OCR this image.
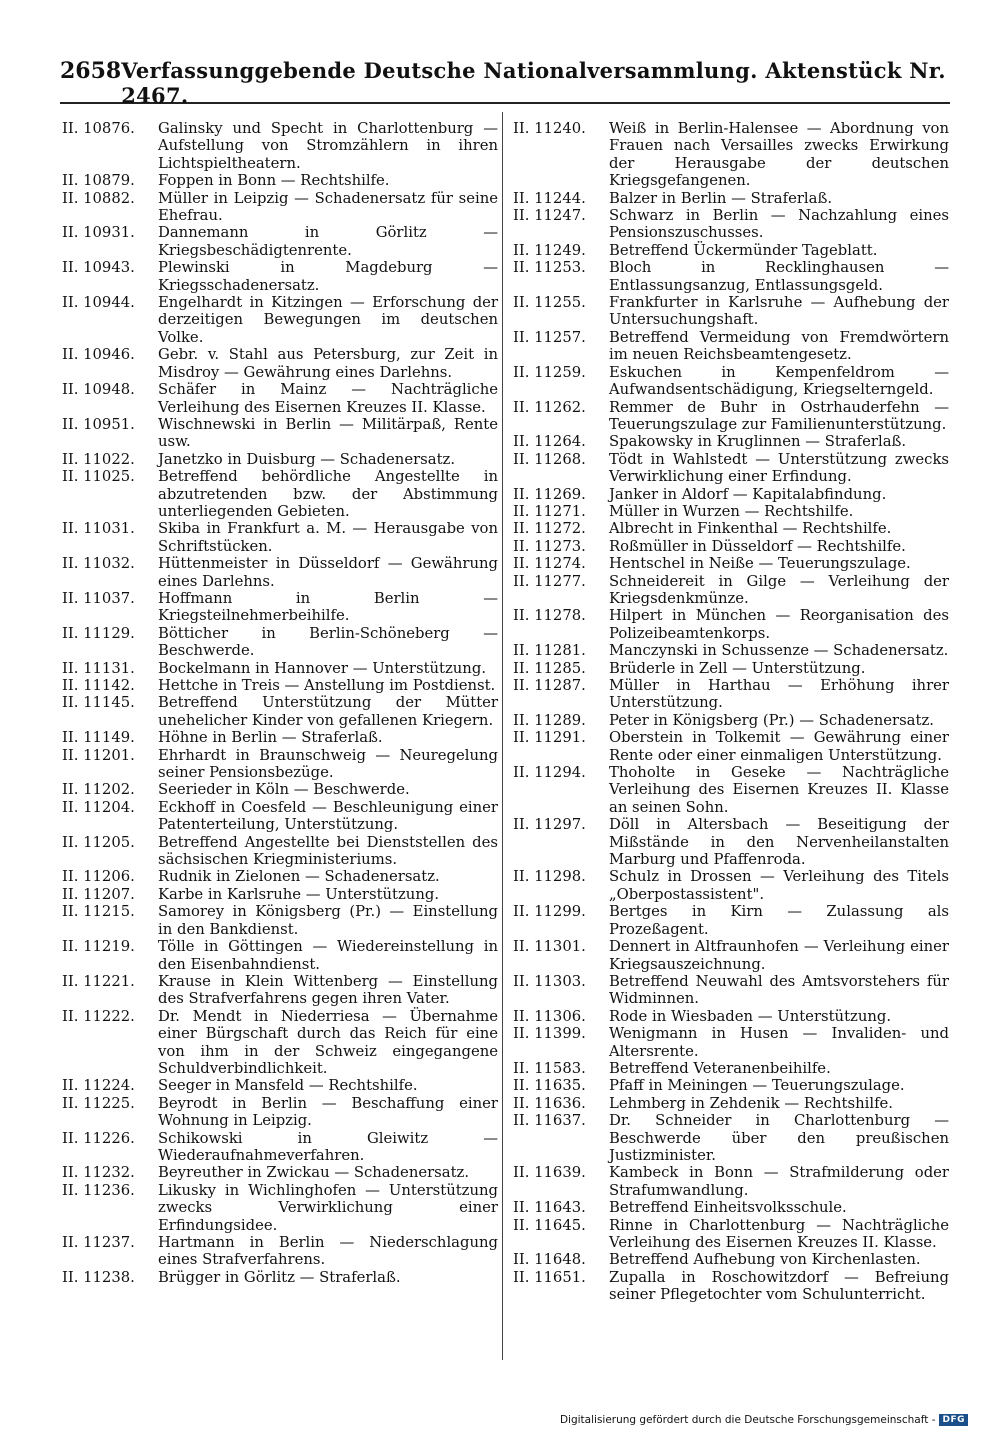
2658 Verfassunggebende Deutsche Nationalversammlung. Aktenstück Nr. 2467.

II. 10876. Galinsky und Specht in Charlottenburg — Aufstellung von Stromzählern in ihren Lichtspieltheatern.

II. 10879. Foppen in Bonn — Rechtshilfe.

II. 10882. Müller in Leipzig — Schadenersatz für seine Ehefrau.

II. 10931. Dannemann in Görlitz — Kriegsbeschädigtenrente.

II. 10943. Plewinski in Magdeburg — Kriegsschadenersatz.

II. 10944. Engelhardt in Kitzingen — Erforschung der derzeitigen Bewegungen im deutschen Volke.

II. 10946. Gebr. v. Stahl aus Petersburg, zur Zeit in Misdroy — Gewährung eines Darlehns.

II. 10948. Schäfer in Mainz — Nachträgliche Verleihung des Eisernen Kreuzes II. Klasse.

II. 10951. Wischnewski in Berlin — Militärpaß, Rente usw.

II. 11022. Janetzko in Duisburg — Schadenersatz.

II. 11025. Betreffend behördliche Angestellte in abzutretenden bzw. der Abstimmung unterliegenden Gebieten.

II. 11031. Skiba in Frankfurt a. M. — Herausgabe von Schriftstücken.

II. 11032. Hüttenmeister in Düsseldorf — Gewährung eines Darlehns.

II. 11037. Hoffmann in Berlin — Kriegsteilnehmerbeihilfe.

II. 11129. Bötticher in Berlin-Schöneberg — Beschwerde.

II. 11131. Bockelmann in Hannover — Unterstützung.

II. 11142. Hettche in Treis — Anstellung im Postdienst.

II. 11145. Betreffend Unterstützung der Mütter unehelicher Kinder von gefallenen Kriegern.

II. 11149. Höhne in Berlin — Straferlaß.

II. 11201. Ehrhardt in Braunschweig — Neuregelung seiner Pensionsbezüge.

II. 11202. Seerieder in Köln — Beschwerde.

II. 11204. Eckhoff in Coesfeld — Beschleunigung einer Patenterteilung, Unterstützung.

II. 11205. Betreffend Angestellte bei Dienststellen des sächsischen Kriegministeriums.

II. 11206. Rudnik in Zielonen — Schadenersatz.

II. 11207. Karbe in Karlsruhe — Unterstützung.

II. 11215. Samorey in Königsberg (Pr.) — Einstellung in den Bankdienst.

II. 11219. Tölle in Göttingen — Wiedereinstellung in den Eisenbahndienst.

II. 11221. Krause in Klein Wittenberg — Einstellung des Strafverfahrens gegen ihren Vater.

II. 11222. Dr. Mendt in Niederriesa — Übernahme einer Bürgschaft durch das Reich für eine von ihm in der Schweiz eingegangene Schuldverbindlichkeit.

II. 11224. Seeger in Mansfeld — Rechtshilfe.

II. 11225. Beyrodt in Berlin — Beschaffung einer Wohnung in Leipzig.

II. 11226. Schikowski in Gleiwitz — Wiederaufnahmeverfahren.

II. 11232. Beyreuther in Zwickau — Schadenersatz.

II. 11236. Likusky in Wichlinghofen — Unterstützung zwecks Verwirklichung einer Erfindungsidee.

II. 11237. Hartmann in Berlin — Niederschlagung eines Strafverfahrens.

II. 11238. Brügger in Görlitz — Straferlaß.

II. 11240. Weiß in Berlin-Halensee — Abordnung von Frauen nach Versailles zwecks Erwirkung der Herausgabe der deutschen Kriegsgefangenen.

II. 11244. Balzer in Berlin — Straferlaß.

II. 11247. Schwarz in Berlin — Nachzahlung eines Pensionszuschusses.

II. 11249. Betreffend Ückermünder Tageblatt.

II. 11253. Bloch in Recklinghausen — Entlassungsanzug, Entlassungsgeld.

II. 11255. Frankfurter in Karlsruhe — Aufhebung der Untersuchungshaft.

II. 11257. Betreffend Vermeidung von Fremdwörtern im neuen Reichsbeamtengesetz.

II. 11259. Eskuchen in Kempenfeldrom — Aufwandsentschädigung, Kriegselterngeld.

II. 11262. Remmer de Buhr in Ostrhauderfehn — Teuerungszulage zur Familienunterstützung.

II. 11264. Spakowsky in Kruglinnen — Straferlaß.

II. 11268. Tödt in Wahlstedt — Unterstützung zwecks Verwirklichung einer Erfindung.

II. 11269. Janker in Aldorf — Kapitalabfindung.

II. 11271. Müller in Wurzen — Rechtshilfe.

II. 11272. Albrecht in Finkenthal — Rechtshilfe.

II. 11273. Roßmüller in Düsseldorf — Rechtshilfe.

II. 11274. Hentschel in Neiße — Teuerungszulage.

II. 11277. Schneidereit in Gilge — Verleihung der Kriegsdenkmünze.

II. 11278. Hilpert in München — Reorganisation des Polizeibeamtenkorps.

II. 11281. Manczynski in Schussenze — Schadenersatz.

II. 11285. Brüderle in Zell — Unterstützung.

II. 11287. Müller in Harthau — Erhöhung ihrer Unterstützung.

II. 11289. Peter in Königsberg (Pr.) — Schadenersatz.

II. 11291. Oberstein in Tolkemit — Gewährung einer Rente oder einer einmaligen Unterstützung.

II. 11294. Thoholte in Geseke — Nachträgliche Verleihung des Eisernen Kreuzes II. Klasse an seinen Sohn.

II. 11297. Döll in Altersbach — Beseitigung der Mißstände in den Nervenheilanstalten Marburg und Pfaffenroda.

II. 11298. Schulz in Drossen — Verleihung des Titels „Oberpostassistent".

II. 11299. Bertges in Kirn — Zulassung als Prozeßagent.

II. 11301. Dennert in Altfraunhofen — Verleihung einer Kriegsauszeichnung.

II. 11303. Betreffend Neuwahl des Amtsvorstehers für Widminnen.

II. 11306. Rode in Wiesbaden — Unterstützung.

II. 11399. Wenigmann in Husen — Invaliden- und Altersrente.

II. 11583. Betreffend Veteranenbeihilfe.

II. 11635. Pfaff in Meiningen — Teuerungszulage.

II. 11636. Lehmberg in Zehdenik — Rechtshilfe.

II. 11637. Dr. Schneider in Charlottenburg — Beschwerde über den preußischen Justizminister.

II. 11639. Kambeck in Bonn — Strafmilderung oder Strafumwandlung.

II. 11643. Betreffend Einheitsvolksschule.

II. 11645. Rinne in Charlottenburg — Nachträgliche Verleihung des Eisernen Kreuzes II. Klasse.

II. 11648. Betreffend Aufhebung von Kirchenlasten.

II. 11651. Zupalla in Roschowitzdorf — Befreiung seiner Pflegetochter vom Schulunterricht.

Digitalisierung gefördert durch die Deutsche Forschungsgemeinschaft - DFG
